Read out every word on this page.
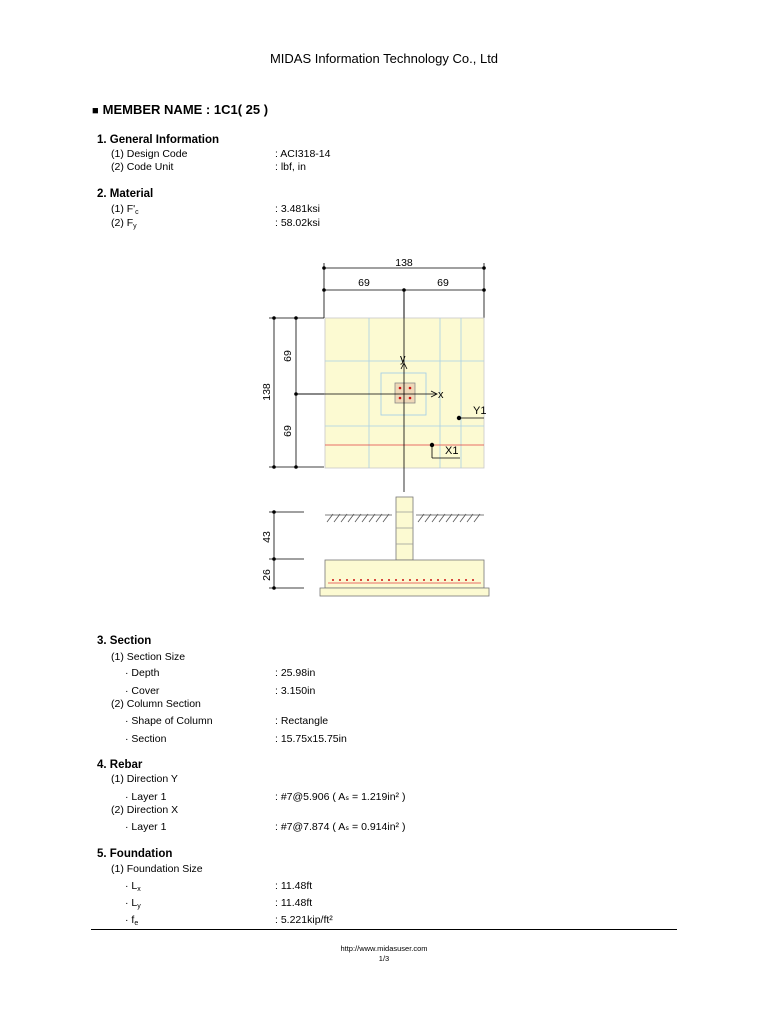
MIDAS Information Technology Co., Ltd
■ MEMBER NAME : 1C1( 25 )
1. General Information
(1) Design Code	: ACI318-14
(2) Code Unit	: lbf, in
2. Material
(1) $F'_c$	: 3.481ksi
(2) $F_y$	: 58.02ksi
138
69	69
138
69
69
y
x
Y1
X1
43
26
3. Section
(1) Section Size
· Depth	: 25.98in
· Cover	: 3.150in
(2) Column Section
· Shape of Column	: Rectangle
· Section	: 15.75x15.75in
4. Rebar
(1) Direction Y
· Layer 1	: #7@5.906 ( Aₛ = 1.219in² )
(2) Direction X
· Layer 1	: #7@7.874 ( Aₛ = 0.914in² )
5. Foundation
(1) Foundation Size
· $L_x$	: 11.48ft
· $L_y$	: 11.48ft
· $f_e$	: 5.221kip/ft²
http://www.midasuser.com
1/3
